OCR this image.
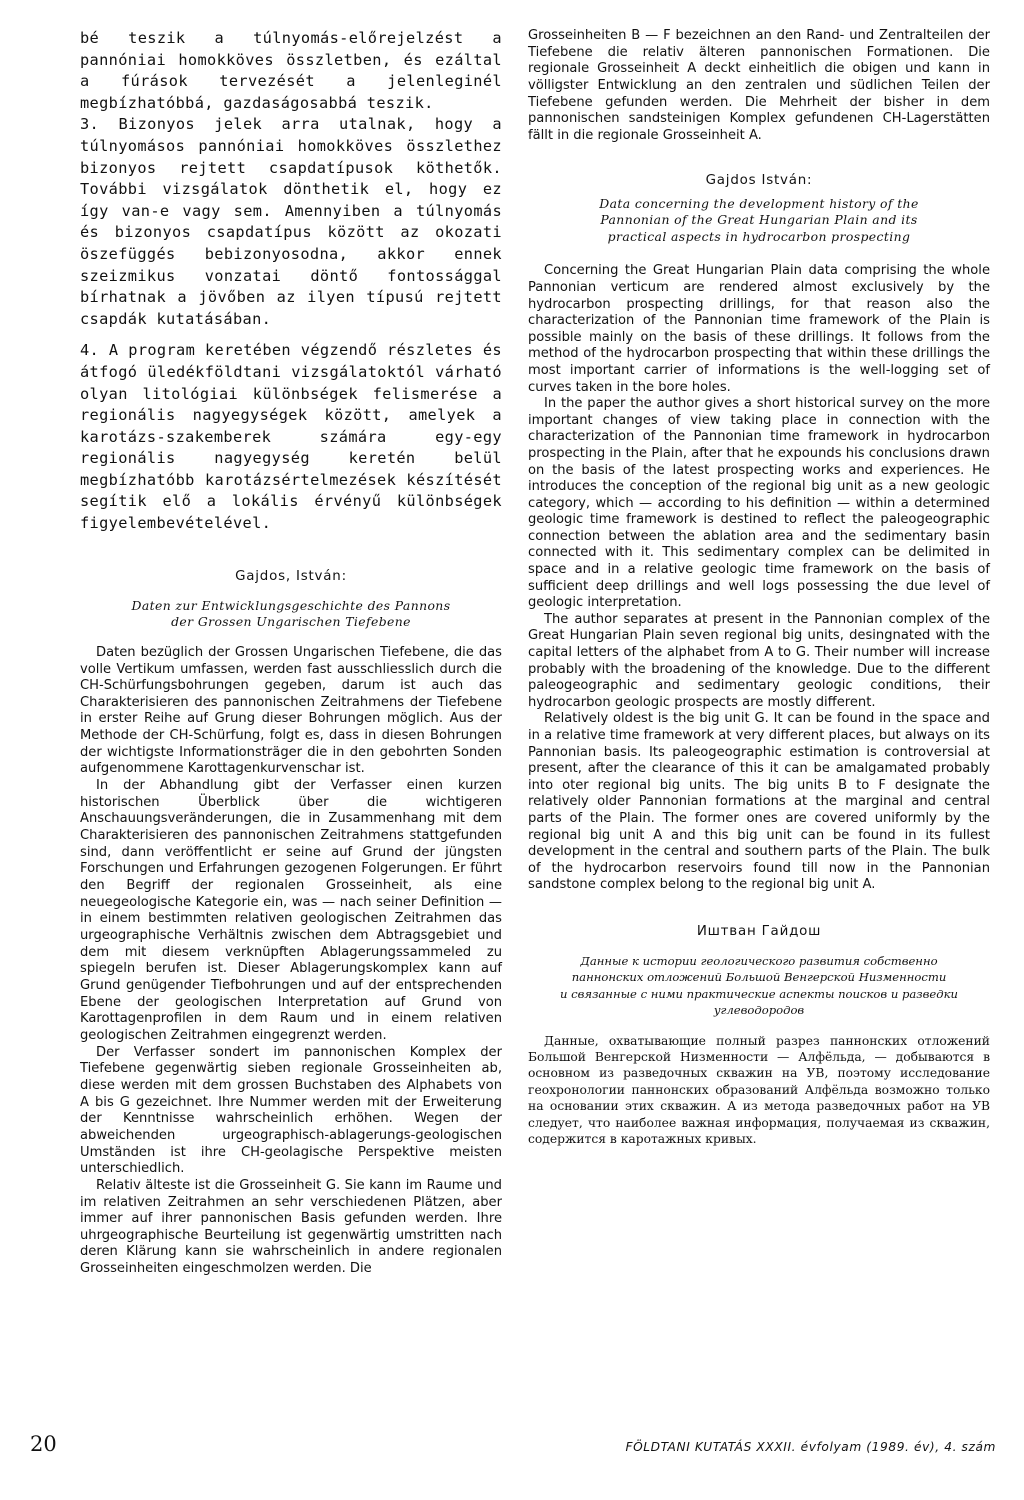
bé teszik a túlnyomás-előrejelzést a pannóniai homokköves összletben, és ezáltal a fúrások tervezését a jelenleginél megbízhatóbbá, gazdaságosabbá teszik.

3. Bizonyos jelek arra utalnak, hogy a túlnyomásos pannóniai homokköves összlethez bizonyos rejtett csapdatípusok köthetők. További vizsgálatok dönthetik el, hogy ez így van-e vagy sem. Amennyiben a túlnyomás és bizonyos csapdatípus között az okozati öszefüggés bebizonyosodna, akkor ennek szeizmikus vonzatai döntő fontossággal bírhatnak a jövőben az ilyen típusú rejtett csapdák kutatásában.

4. A program keretében végzendő részletes és átfogó üledékföldtani vizsgálatoktól várható olyan litológiai különbségek felismerése a regionális nagyegységek között, amelyek a karotázs-szakemberek számára egy-egy regionális nagyegység keretén belül megbízhatóbb karotázsértelmezések készítését segítik elő a lokális érvényű különbségek figyelembevételével.

Gajdos, István:

Daten zur Entwicklungsgeschichte des Pannons

der Grossen Ungarischen Tiefebene

Daten bezüglich der Grossen Ungarischen Tiefebene, die das volle Vertikum umfassen, werden fast ausschliesslich durch die CH-Schürfungsbohrungen gegeben, darum ist auch das Charakterisieren des pannonischen Zeitrahmens der Tiefebene in erster Reihe auf Grung dieser Bohrungen möglich. Aus der Methode der CH-Schürfung, folgt es, dass in diesen Bohrungen der wichtigste Informationsträger die in den gebohrten Sonden aufgenommene Karottagenkurvenschar ist.

In der Abhandlung gibt der Verfasser einen kurzen historischen Überblick über die wichtigeren Anschauungsveränderungen, die in Zusammenhang mit dem Charakterisieren des pannonischen Zeitrahmens stattgefunden sind, dann veröffentlicht er seine auf Grund der jüngsten Forschungen und Erfahrungen gezogenen Folgerungen. Er führt den Begriff der regionalen Grosseinheit, als eine neuegeologische Kategorie ein, was — nach seiner Definition — in einem bestimmten relativen geologischen Zeitrahmen das urgeographische Verhältnis zwischen dem Abtragsgebiet und dem mit diesem verknüpften Ablagerungssammeled zu spiegeln berufen ist. Dieser Ablagerungskomplex kann auf Grund genügender Tiefbohrungen und auf der entsprechenden Ebene der geologischen Interpretation auf Grund von Karottagenprofilen in dem Raum und in einem relativen geologischen Zeitrahmen eingegrenzt werden.

Der Verfasser sondert im pannonischen Komplex der Tiefebene gegenwärtig sieben regionale Grosseinheiten ab, diese werden mit dem grossen Buchstaben des Alphabets von A bis G gezeichnet. Ihre Nummer werden mit der Erweiterung der Kenntnisse wahrscheinlich erhöhen. Wegen der abweichenden urgeographisch-ablagerungs-geologischen Umständen ist ihre CH-geolagische Perspektive meisten unterschiedlich.

Relativ älteste ist die Grosseinheit G. Sie kann im Raume und im relativen Zeitrahmen an sehr verschiedenen Plätzen, aber immer auf ihrer pannonischen Basis gefunden werden. Ihre uhrgeographische Beurteilung ist gegenwärtig umstritten nach deren Klärung kann sie wahrscheinlich in andere regionalen Grosseinheiten eingeschmolzen werden. Die

Grosseinheiten B — F bezeichnen an den Rand- und Zentralteilen der Tiefebene die relativ älteren pannonischen Formationen. Die regionale Grosseinheit A deckt einheitlich die obigen und kann in völligster Entwicklung an den zentralen und südlichen Teilen der Tiefebene gefunden werden. Die Mehrheit der bisher in dem pannonischen sandsteinigen Komplex gefundenen CH-Lagerstätten fällt in die regionale Grosseinheit A.

Gajdos István:

Data concerning the development history of the

Pannonian of the Great Hungarian Plain and its

practical aspects in hydrocarbon prospecting

Concerning the Great Hungarian Plain data comprising the whole Pannonian verticum are rendered almost exclusively by the hydrocarbon prospecting drillings, for that reason also the characterization of the Pannonian time framework of the Plain is possible mainly on the basis of these drillings. It follows from the method of the hydrocarbon prospecting that within these drillings the most important carrier of informations is the well-logging set of curves taken in the bore holes.

In the paper the author gives a short historical survey on the more important changes of view taking place in connection with the characterization of the Pannonian time framework in hydrocarbon prospecting in the Plain, after that he expounds his conclusions drawn on the basis of the latest prospecting works and experiences. He introduces the conception of the regional big unit as a new geologic category, which — according to his definition — within a determined geologic time framework is destined to reflect the paleogeographic connection between the ablation area and the sedimentary basin connected with it. This sedimentary complex can be delimited in space and in a relative geologic time framework on the basis of sufficient deep drillings and well logs possessing the due level of geologic interpretation.

The author separates at present in the Pannonian complex of the Great Hungarian Plain seven regional big units, desingnated with the capital letters of the alphabet from A to G. Their number will increase probably with the broadening of the knowledge. Due to the different paleogeographic and sedimentary geologic conditions, their hydrocarbon geologic prospects are mostly different.

Relatively oldest is the big unit G. It can be found in the space and in a relative time framework at very different places, but always on its Pannonian basis. Its paleogeographic estimation is controversial at present, after the clearance of this it can be amalgamated probably into oter regional big units. The big units B to F designate the relatively older Pannonian formations at the marginal and central parts of the Plain. The former ones are covered uniformly by the regional big unit A and this big unit can be found in its fullest development in the central and southern parts of the Plain. The bulk of the hydrocarbon reservoirs found till now in the Pannonian sandstone complex belong to the regional big unit A.

Иштван Гайдош

Данные к истории геологического развития собственно

паннонских отложений Большой Венгерской Низменности

и связанные с ними практические аспекты поисков и разведки

углеводородов

Данные, охватывающие полный разрез паннонских отложений Большой Венгерской Низменности — Алфёльда, — добываются в основном из разведочных скважин на УВ, поэтому исследование геохронологии паннонских образований Алфёльда возможно только на основании этих скважин. А из метода разведочных работ на УВ следует, что наиболее важная информация, получаемая из скважин, содержится в каротажных кривых.

20	FÖLDTANI KUTATÁS XXXII. évfolyam (1989. év), 4. szám
